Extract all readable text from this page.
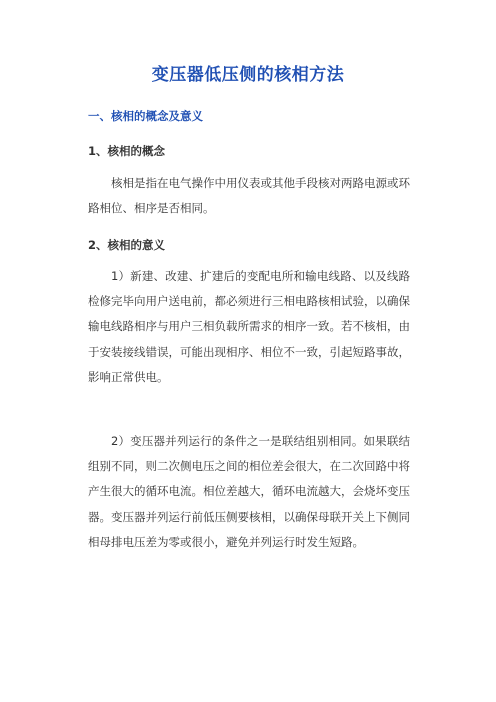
变压器低压侧的核相方法
一、核相的概念及意义
1、核相的概念

核相是指在电气操作中用仪表或其他手段核对两路电源或环路相位、相序是否相同。

2、核相的意义

1）新建、改建、扩建后的变配电所和输电线路、以及线路检修完毕向用户送电前，都必须进行三相电路核相试验，以确保输电线路相序与用户三相负载所需求的相序一致。若不核相，由于安装接线错误，可能出现相序、相位不一致，引起短路事故，影响正常供电。

2）变压器并列运行的条件之一是联结组别相同。如果联结组别不同，则二次侧电压之间的相位差会很大，在二次回路中将产生很大的循环电流。相位差越大，循环电流越大，会烧坏变压器。变压器并列运行前低压侧要核相，以确保母联开关上下侧同相母排电压差为零或很小，避免并列运行时发生短路。
